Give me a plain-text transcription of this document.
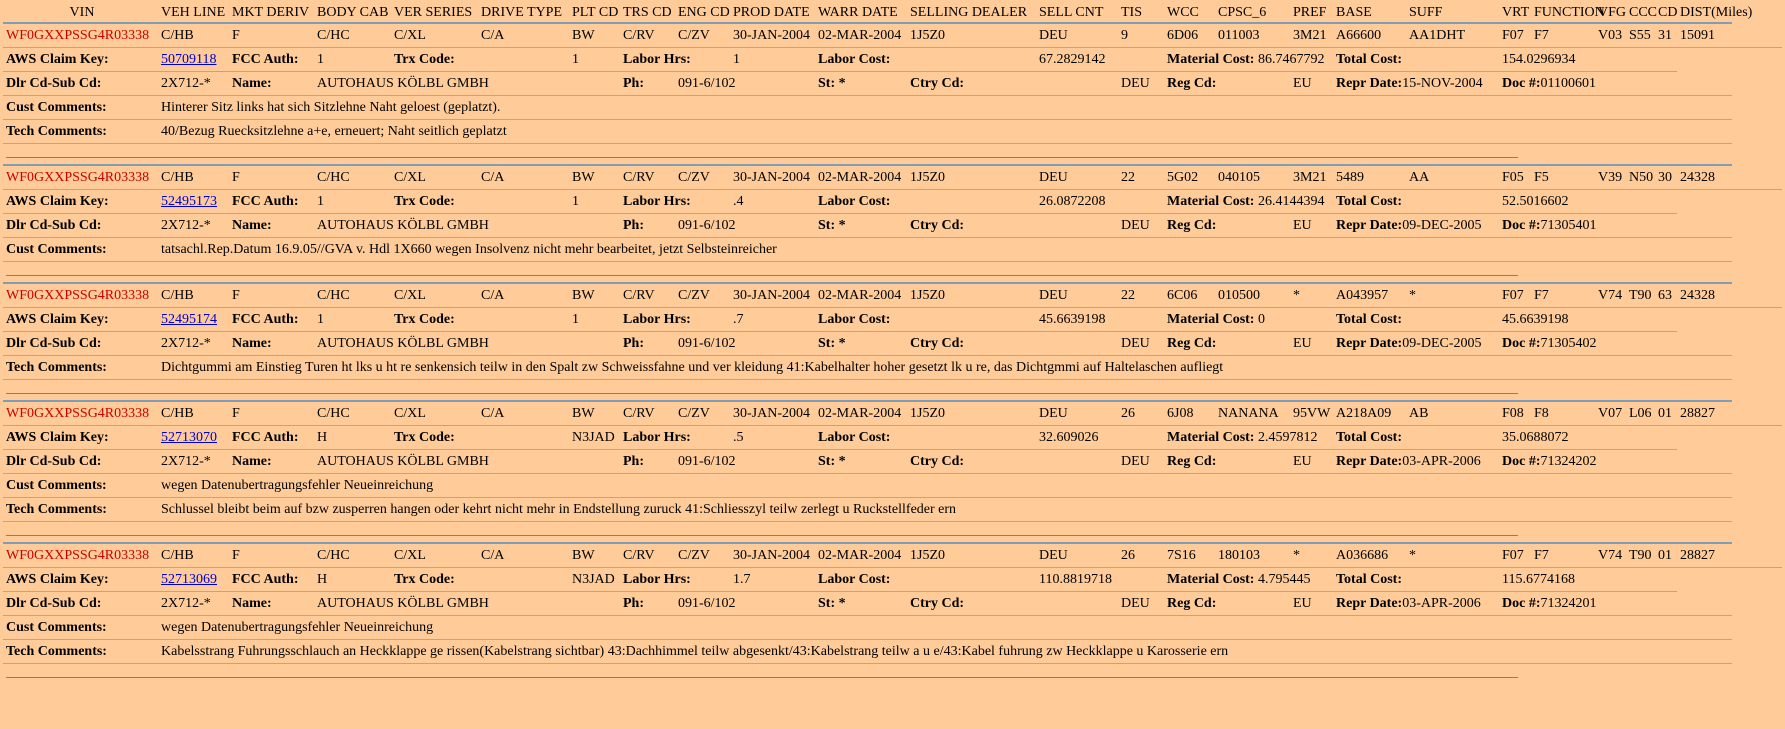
VIN	VEH LINE	MKT DERIV	BODY CAB	VER SERIES	DRIVE TYPE	PLT CD	TRS CD	ENG CD	PROD DATE	WARR DATE	SELLING DEALER	SELL CNT	TIS	WCC	CPSC_6	PREF	BASE	SUFF	VRT	FUNCTION	VFG	CCC	CD	DIST(Miles)
WF0GXXPSSG4R03338	C/HB	F	C/HC	C/XL	C/A	BW	C/RV	C/ZV	30-JAN-2004	02-MAR-2004	1J5Z0	DEU	9	6D06	011003	3M21	A66600	AA1DHT	F07	F7	V03	S55	31	15091
AWS Claim Key:	50709118	FCC Auth:	1	Trx Code:		1	Labor Hrs:		1	Labor Cost:		67.2829142		Material Cost: 86.7467792			Total Cost:		154.0296934					
Dlr Cd-Sub Cd:	2X712-*	Name:	AUTOHAUS KÖLBL GMBH				Ph:	091-6/102		St: *	Ctry Cd:		DEU	Reg Cd:		EU	Repr Date:15-NOV-2004		Doc #:01100601					
Cust Comments:	Hinterer Sitz links hat sich Sitzlehne Naht geloest (geplatzt).																							
Tech Comments:	40/Bezug Ruecksitzlehne a+e, erneuert; Naht seitlich geplatzt																							

WF0GXXPSSG4R03338	C/HB	F	C/HC	C/XL	C/A	BW	C/RV	C/ZV	30-JAN-2004	02-MAR-2004	1J5Z0	DEU	22	5G02	040105	3M21	5489	AA	F05	F5	V39	N50	30	24328
AWS Claim Key:	52495173	FCC Auth:	1	Trx Code:		1	Labor Hrs:		.4	Labor Cost:		26.0872208		Material Cost: 26.4144394			Total Cost:		52.5016602					
Dlr Cd-Sub Cd:	2X712-*	Name:	AUTOHAUS KÖLBL GMBH				Ph:	091-6/102		St: *	Ctry Cd:		DEU	Reg Cd:		EU	Repr Date:09-DEC-2005		Doc #:71305401					
Cust Comments:	tatsachl.Rep.Datum 16.9.05//GVA v. Hdl 1X660 wegen Insolvenz nicht mehr bearbeitet, jetzt Selbsteinreicher																							

WF0GXXPSSG4R03338	C/HB	F	C/HC	C/XL	C/A	BW	C/RV	C/ZV	30-JAN-2004	02-MAR-2004	1J5Z0	DEU	22	6C06	010500	*	A043957	*	F07	F7	V74	T90	63	24328
AWS Claim Key:	52495174	FCC Auth:	1	Trx Code:		1	Labor Hrs:		.7	Labor Cost:		45.6639198		Material Cost: 0			Total Cost:		45.6639198					
Dlr Cd-Sub Cd:	2X712-*	Name:	AUTOHAUS KÖLBL GMBH				Ph:	091-6/102		St: *	Ctry Cd:		DEU	Reg Cd:		EU	Repr Date:09-DEC-2005		Doc #:71305402					
Tech Comments:	Dichtgummi am Einstieg Turen ht lks u ht re senkensich teilw in den Spalt zw Schweissfahne und ver kleidung 41:Kabelhalter hoher gesetzt lk u re, das Dichtgmmi auf Haltelaschen aufliegt																							

WF0GXXPSSG4R03338	C/HB	F	C/HC	C/XL	C/A	BW	C/RV	C/ZV	30-JAN-2004	02-MAR-2004	1J5Z0	DEU	26	6J08	NANANA	95VW	A218A09	AB	F08	F8	V07	L06	01	28827
AWS Claim Key:	52713070	FCC Auth:	H	Trx Code:		N3JAD	Labor Hrs:		.5	Labor Cost:		32.609026		Material Cost: 2.4597812			Total Cost:		35.0688072					
Dlr Cd-Sub Cd:	2X712-*	Name:	AUTOHAUS KÖLBL GMBH				Ph:	091-6/102		St: *	Ctry Cd:		DEU	Reg Cd:		EU	Repr Date:03-APR-2006		Doc #:71324202					
Cust Comments:	wegen Datenubertragungsfehler Neueinreichung																							
Tech Comments:	Schlussel bleibt beim auf bzw zusperren hangen oder kehrt nicht mehr in Endstellung zuruck 41:Schliesszyl teilw zerlegt u Ruckstellfeder ern																							

WF0GXXPSSG4R03338	C/HB	F	C/HC	C/XL	C/A	BW	C/RV	C/ZV	30-JAN-2004	02-MAR-2004	1J5Z0	DEU	26	7S16	180103	*	A036686	*	F07	F7	V74	T90	01	28827
AWS Claim Key:	52713069	FCC Auth:	H	Trx Code:		N3JAD	Labor Hrs:		1.7	Labor Cost:		110.8819718		Material Cost: 4.795445			Total Cost:		115.6774168					
Dlr Cd-Sub Cd:	2X712-*	Name:	AUTOHAUS KÖLBL GMBH				Ph:	091-6/102		St: *	Ctry Cd:		DEU	Reg Cd:		EU	Repr Date:03-APR-2006		Doc #:71324201					
Cust Comments:	wegen Datenubertragungsfehler Neueinreichung																							
Tech Comments:	Kabelsstrang Fuhrungsschlauch an Heckklappe ge rissen(Kabelstrang sichtbar) 43:Dachhimmel teilw abgesenkt/43:Kabelstrang teilw a u e/43:Kabel fuhrung zw Heckklappe u Karosserie ern																							
